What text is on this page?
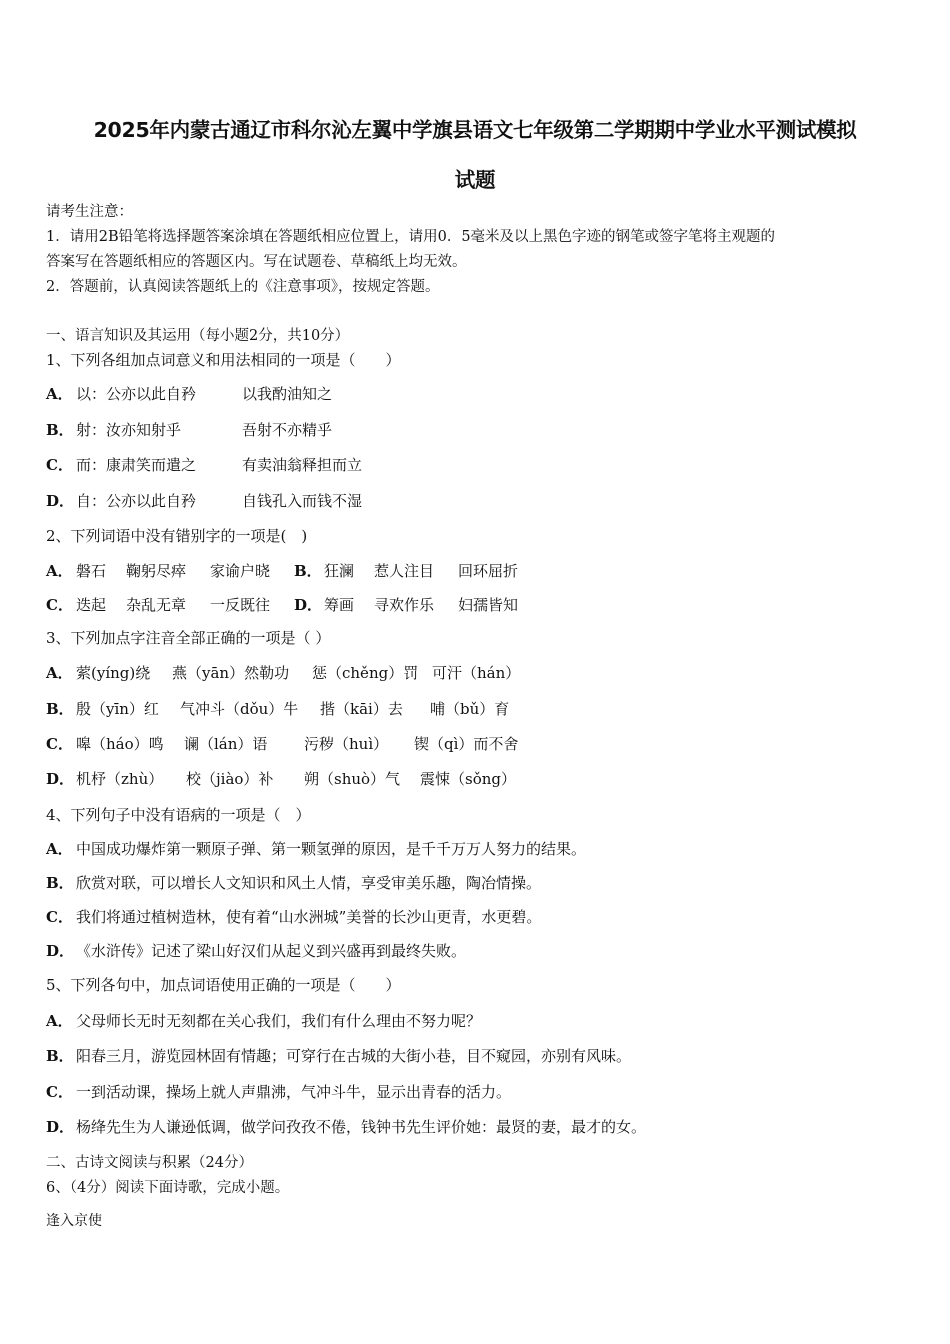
2025年内蒙古通辽市科尔沁左翼中学旗县语文七年级第二学期期中学业水平测试模拟
试题
请考生注意：
1．请用2B铅笔将选择题答案涂填在答题纸相应位置上，请用0．5毫米及以上黑色字迹的钢笔或签字笔将主观题的
答案写在答题纸相应的答题区内。写在试题卷、草稿纸上均无效。
2．答题前，认真阅读答题纸上的《注意事项》，按规定答题。
一、语言知识及其运用（每小题2分，共10分）
1、下列各组加点词意义和用法相同的一项是（　　）
A． 以：公亦以此自矜	以我酌油知之
B． 射：汝亦知射乎	吾射不亦精乎
C． 而：康肃笑而遣之	有卖油翁释担而立
D． 自：公亦以此自矜	自钱孔入而钱不湿
2、下列词语中没有错别字的一项是(　)
A． 磐石 鞠躬尽瘁 家谕户晓 B． 狂澜 惹人注目 回环屈折
C． 迭起 杂乱无章 一反既往 D． 筹画 寻欢作乐 妇孺皆知
3、下列加点字注音全部正确的一项是（ ）
A． 萦(yíng)绕 燕（yān）然勒功 惩（chěng）罚 可汗（hán）
B． 殷（yīn）红 气冲斗（dǒu）牛 揩（kāi）去 哺（bǔ）育
C． 嗥（háo）鸣 谰（lán）语 污秽（huì） 锲（qì）而不舍
D． 机杼（zhù） 校（jiào）补 朔（shuò）气 震悚（sǒng）
4、下列句子中没有语病的一项是（　）
A． 中国成功爆炸第一颗原子弹、第一颗氢弹的原因，是千千万万人努力的结果。
B． 欣赏对联，可以增长人文知识和风土人情，享受审美乐趣，陶冶情操。
C． 我们将通过植树造林，使有着“山水洲城”美誉的长沙山更青，水更碧。
D． 《水浒传》记述了梁山好汉们从起义到兴盛再到最终失败。
5、下列各句中，加点词语使用正确的一项是（　　）
A． 父母师长无时无刻都在关心我们，我们有什么理由不努力呢？
B． 阳春三月，游览园林固有情趣；可穿行在古城的大街小巷，目不窥园，亦别有风味。
C． 一到活动课，操场上就人声鼎沸，气冲斗牛，显示出青春的活力。
D． 杨绛先生为人谦逊低调，做学问孜孜不倦，钱钟书先生评价她：最贤的妻，最才的女。
二、古诗文阅读与积累（24分）
6、（4分）阅读下面诗歌，完成小题。
逢入京使
